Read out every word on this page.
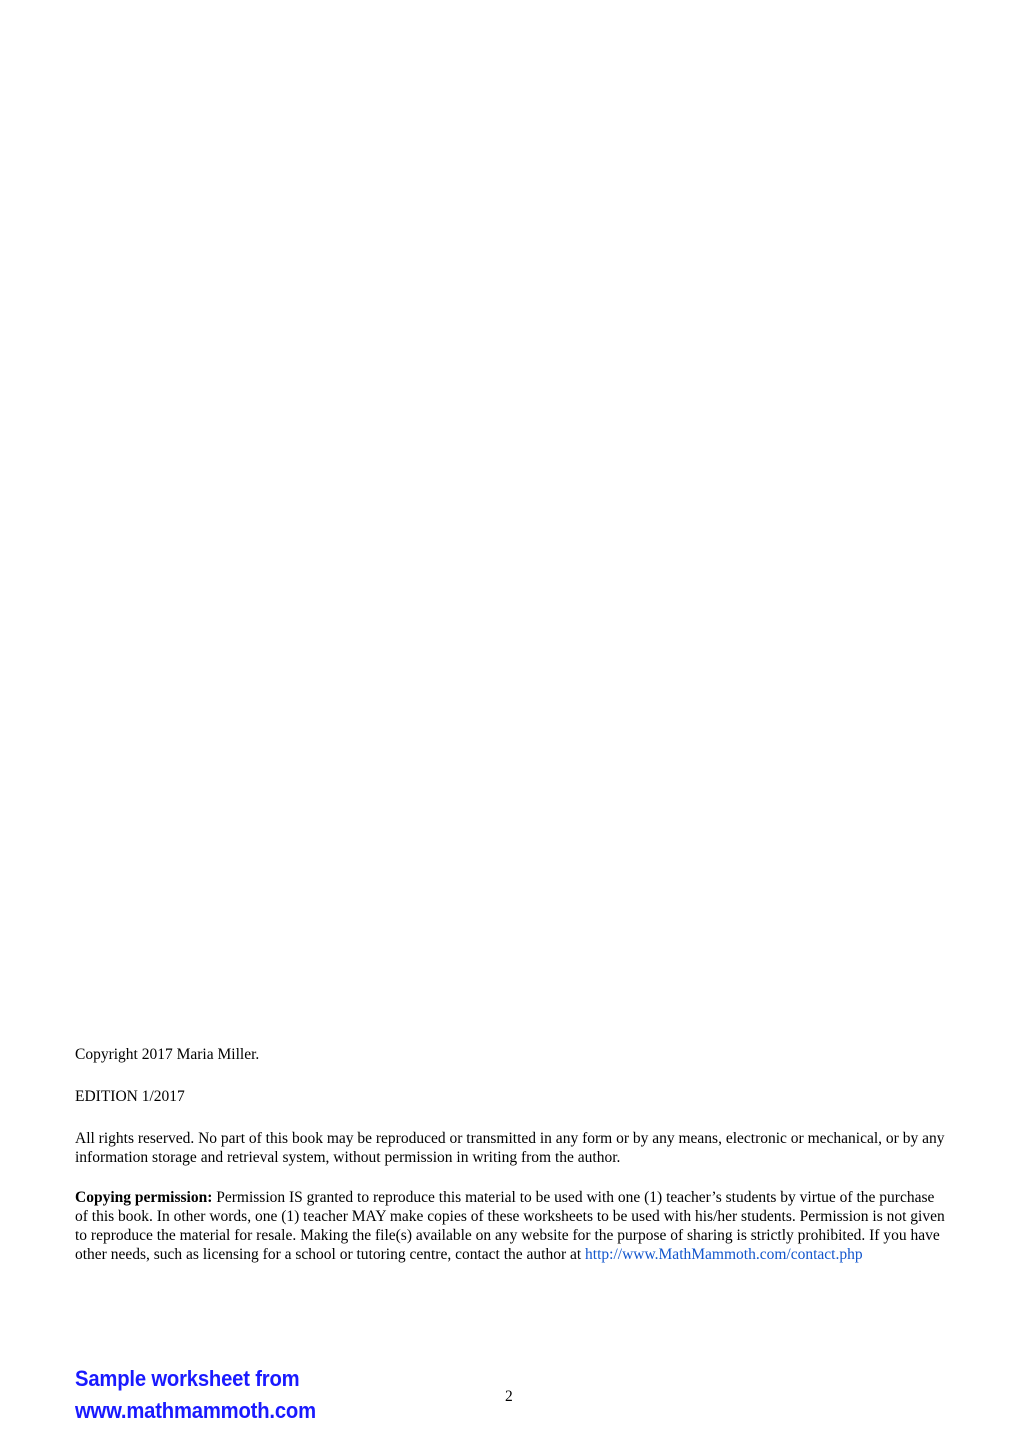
Copyright 2017 Maria Miller.

EDITION 1/2017

All rights reserved. No part of this book may be reproduced or transmitted in any form or by any means, electronic or mechanical, or by any information storage and retrieval system, without permission in writing from the author.

Copying permission: Permission IS granted to reproduce this material to be used with one (1) teacher’s students by virtue of the purchase of this book. In other words, one (1) teacher MAY make copies of these worksheets to be used with his/her students. Permission is not given to reproduce the material for resale. Making the file(s) available on any website for the purpose of sharing is strictly prohibited. If you have other needs, such as licensing for a school or tutoring centre, contact the author at http://www.MathMammoth.com/contact.php

Sample worksheet from
www.mathmammoth.com
2
